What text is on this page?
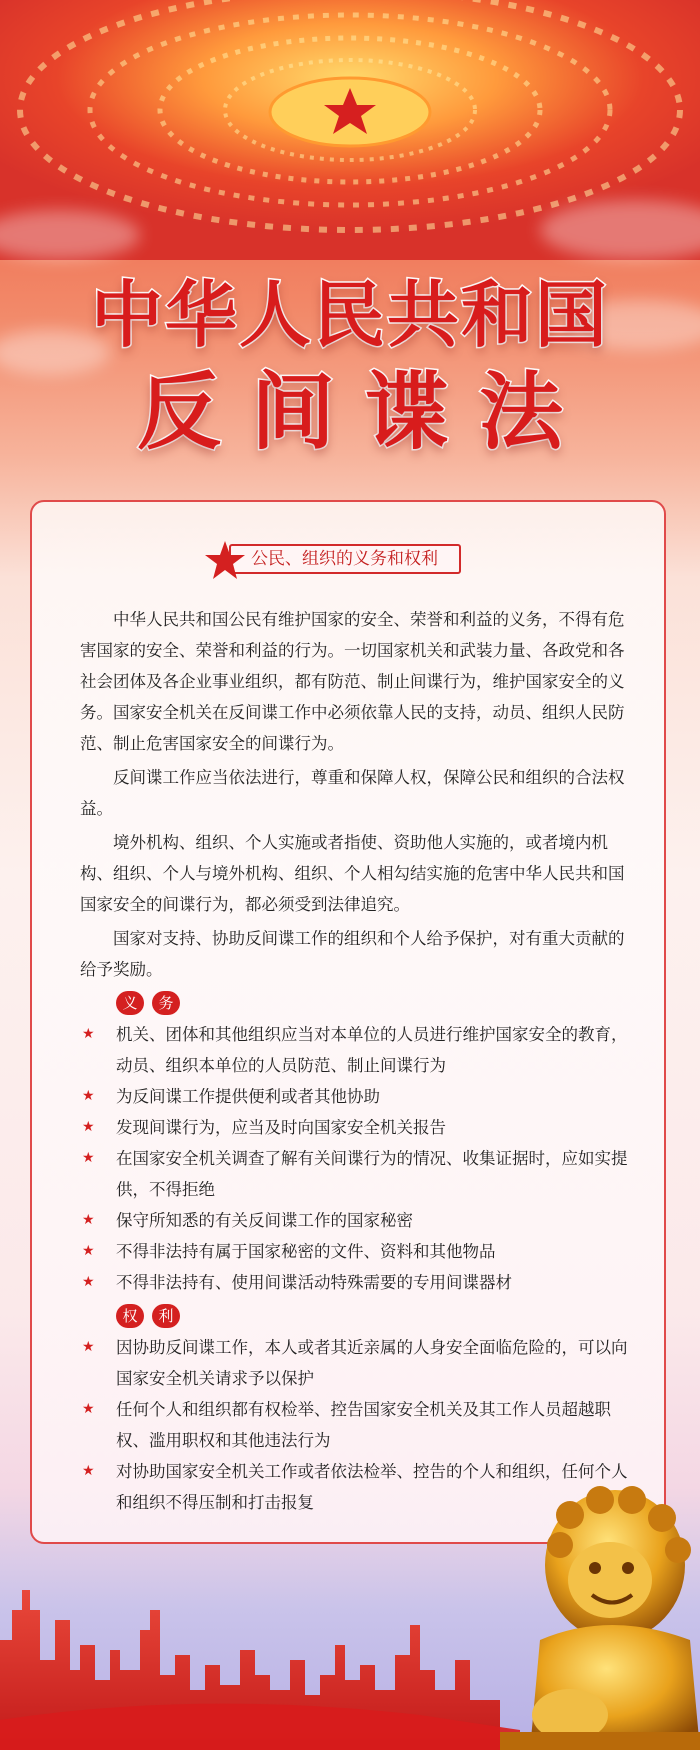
中华人民共和国
反间谍法
公民、组织的义务和权利

中华人民共和国公民有维护国家的安全、荣誉和利益的义务，不得有危害国家的安全、荣誉和利益的行为。一切国家机关和武装力量、各政党和各社会团体及各企业事业组织，都有防范、制止间谍行为，维护国家安全的义务。国家安全机关在反间谍工作中必须依靠人民的支持，动员、组织人民防范、制止危害国家安全的间谍行为。

反间谍工作应当依法进行，尊重和保障人权，保障公民和组织的合法权益。

境外机构、组织、个人实施或者指使、资助他人实施的，或者境内机构、组织、个人与境外机构、组织、个人相勾结实施的危害中华人民共和国国家安全的间谍行为，都必须受到法律追究。

国家对支持、协助反间谍工作的组织和个人给予保护，对有重大贡献的给予奖励。

义	务
★ 机关、团体和其他组织应当对本单位的人员进行维护国家安全的教育，动员、组织本单位的人员防范、制止间谍行为
★ 为反间谍工作提供便利或者其他协助
★ 发现间谍行为，应当及时向国家安全机关报告
★ 在国家安全机关调查了解有关间谍行为的情况、收集证据时，应如实提供，不得拒绝
★ 保守所知悉的有关反间谍工作的国家秘密
★ 不得非法持有属于国家秘密的文件、资料和其他物品
★ 不得非法持有、使用间谍活动特殊需要的专用间谍器材
权	利
★ 因协助反间谍工作，本人或者其近亲属的人身安全面临危险的，可以向国家安全机关请求予以保护
★ 任何个人和组织都有权检举、控告国家安全机关及其工作人员超越职权、滥用职权和其他违法行为
★ 对协助国家安全机关工作或者依法检举、控告的个人和组织，任何个人和组织不得压制和打击报复
